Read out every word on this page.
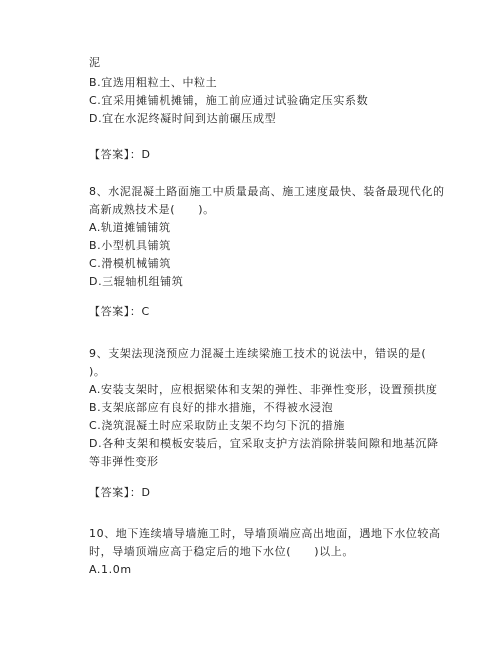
泥
B.宜选用粗粒土、中粒土
C.宜采用摊铺机摊铺，施工前应通过试验确定压实系数
D.宜在水泥终凝时间到达前碾压成型
【答案】：D
8、水泥混凝土路面施工中质量最高、施工速度最快、装备最现代化的
高新成熟技术是(　　)。
A.轨道摊铺铺筑
B.小型机具铺筑
C.滑模机械铺筑
D.三辊轴机组铺筑
【答案】：C
9、支架法现浇预应力混凝土连续梁施工技术的说法中，错误的是(
)。
A.安装支架时，应根据梁体和支架的弹性、非弹性变形，设置预拱度
B.支架底部应有良好的排水措施，不得被水浸泡
C.浇筑混凝土时应采取防止支架不均匀下沉的措施
D.各种支架和模板安装后，宜采取支护方法消除拼装间隙和地基沉降
等非弹性变形
【答案】：D
10、地下连续墙导墙施工时，导墙顶端应高出地面，遇地下水位较高
时，导墙顶端应高于稳定后的地下水位(　　)以上。
A.1.0m
